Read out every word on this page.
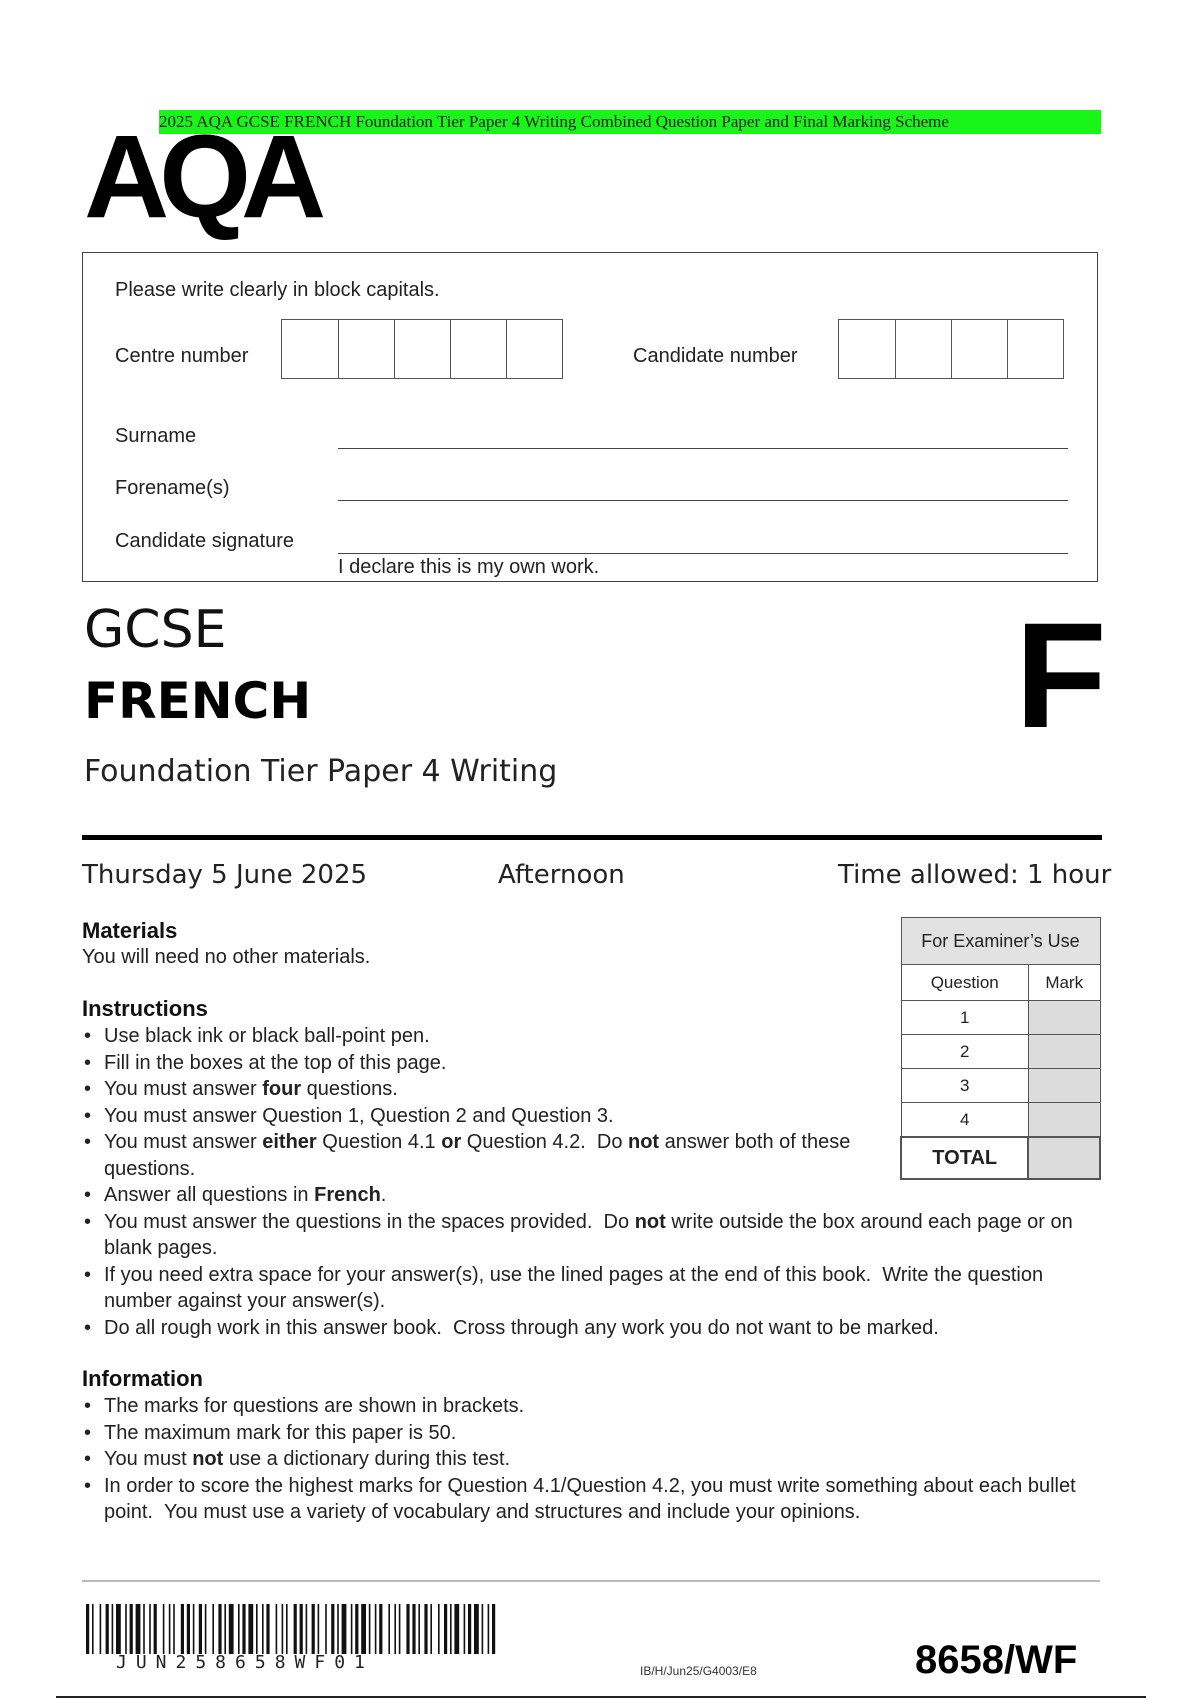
2025 AQA GCSE FRENCH Foundation Tier Paper 4 Writing Combined Question Paper and Final Marking Scheme
AQA
Please write clearly in block capitals.
Centre number	Candidate number
Surname
Forename(s)
Candidate signature
I declare this is my own work.
GCSE
FRENCH	F
Foundation Tier Paper 4 Writing
Thursday 5 June 2025	Afternoon	Time allowed: 1 hour
Materials
You will need no other materials.
Instructions
• Use black ink or black ball-point pen.
• Fill in the boxes at the top of this page.
• You must answer four questions.
• You must answer Question 1, Question 2 and Question 3.
• You must answer either Question 4.1 or Question 4.2.  Do not answer both of these questions.
• Answer all questions in French.
• You must answer the questions in the spaces provided.  Do not write outside the box around each page or on blank pages.
• If you need extra space for your answer(s), use the lined pages at the end of this book.  Write the question number against your answer(s).
• Do all rough work in this answer book.  Cross through any work you do not want to be marked.
Information
• The marks for questions are shown in brackets.
• The maximum mark for this paper is 50.
• You must not use a dictionary during this test.
• In order to score the highest marks for Question 4.1/Question 4.2, you must write something about each bullet point.  You must use a variety of vocabulary and structures and include your opinions.
For Examiner’s Use	
Question	Mark
1	
2	
3	
4	
TOTAL	
JUN258658WF01	IB/H/Jun25/G4003/E8	8658/WF
